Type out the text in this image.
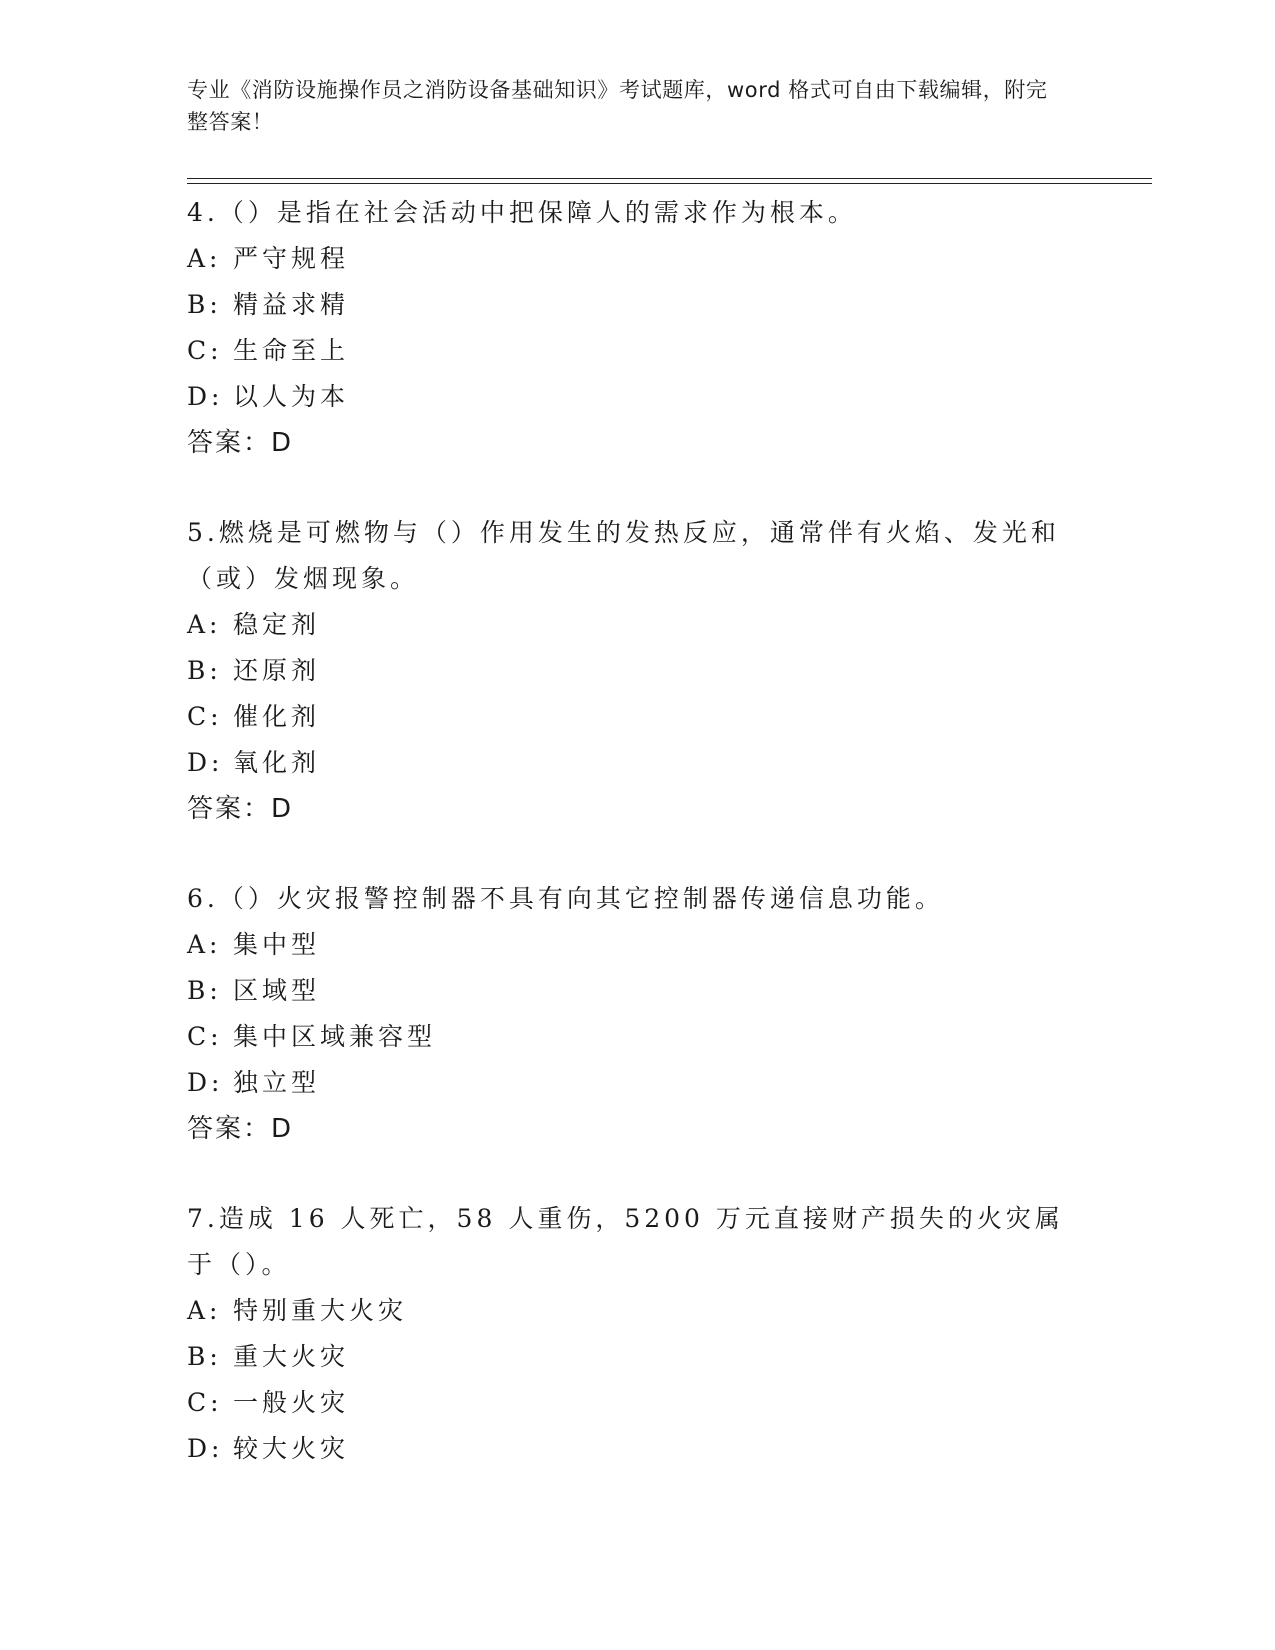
专业《消防设施操作员之消防设备基础知识》考试题库，word 格式可自由下载编辑，附完整答案！

4.（）是指在社会活动中把保障人的需求作为根本。

A: 严守规程

B: 精益求精

C: 生命至上

D: 以人为本

答案：D

5.燃烧是可燃物与（）作用发生的发热反应，通常伴有火焰、发光和（或）发烟现象。

A: 稳定剂

B: 还原剂

C: 催化剂

D: 氧化剂

答案：D

6.（）火灾报警控制器不具有向其它控制器传递信息功能。

A: 集中型

B: 区域型

C: 集中区域兼容型

D: 独立型

答案：D

7.造成 16 人死亡，58 人重伤，5200 万元直接财产损失的火灾属于（）。

A: 特别重大火灾

B: 重大火灾

C: 一般火灾

D: 较大火灾
